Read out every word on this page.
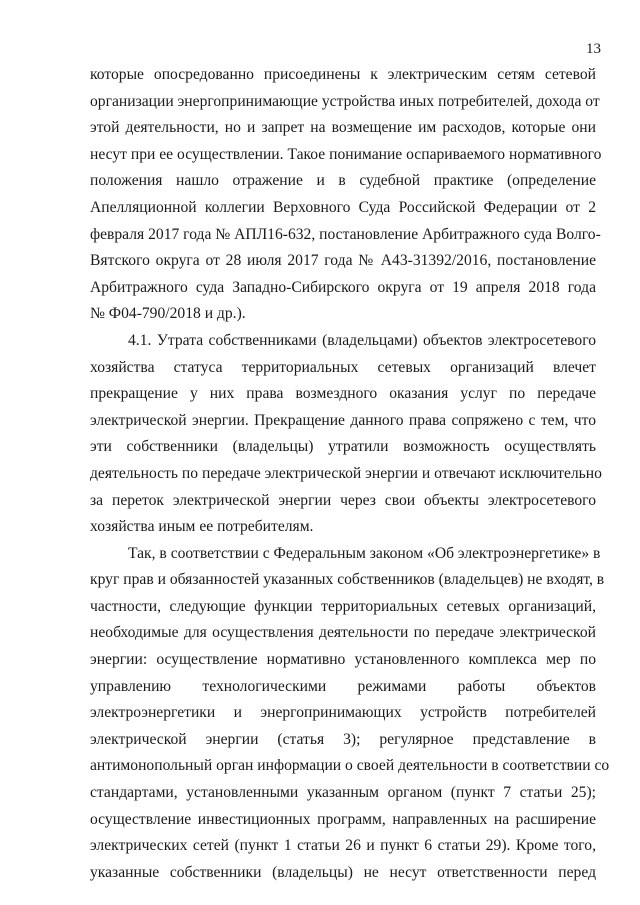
13
которые опосредованно присоединены к электрическим сетям сетевой
организации энергопринимающие устройства иных потребителей, дохода от
этой деятельности, но и запрет на возмещение им расходов, которые они
несут при ее осуществлении. Такое понимание оспариваемого нормативного
положения нашло отражение и в судебной практике (определение
Апелляционной коллегии Верховного Суда Российской Федерации от 2
февраля 2017 года № АПЛ16-632, постановление Арбитражного суда Волго-
Вятского округа от 28 июля 2017 года № А43-31392/2016, постановление
Арбитражного суда Западно-Сибирского округа от 19 апреля 2018 года
№ Ф04-790/2018 и др.).
4.1. Утрата собственниками (владельцами) объектов электросетевого
хозяйства статуса территориальных сетевых организаций влечет
прекращение у них права возмездного оказания услуг по передаче
электрической энергии. Прекращение данного права сопряжено с тем, что
эти собственники (владельцы) утратили возможность осуществлять
деятельность по передаче электрической энергии и отвечают исключительно
за переток электрической энергии через свои объекты электросетевого
хозяйства иным ее потребителям.
Так, в соответствии с Федеральным законом «Об электроэнергетике» в
круг прав и обязанностей указанных собственников (владельцев) не входят, в
частности, следующие функции территориальных сетевых организаций,
необходимые для осуществления деятельности по передаче электрической
энергии: осуществление нормативно установленного комплекса мер по
управлению технологическими режимами работы объектов
электроэнергетики и энергопринимающих устройств потребителей
электрической энергии (статья 3); регулярное представление в
антимонопольный орган информации о своей деятельности в соответствии со
стандартами, установленными указанным органом (пункт 7 статьи 25);
осуществление инвестиционных программ, направленных на расширение
электрических сетей (пункт 1 статьи 26 и пункт 6 статьи 29). Кроме того,
указанные собственники (владельцы) не несут ответственности перед
